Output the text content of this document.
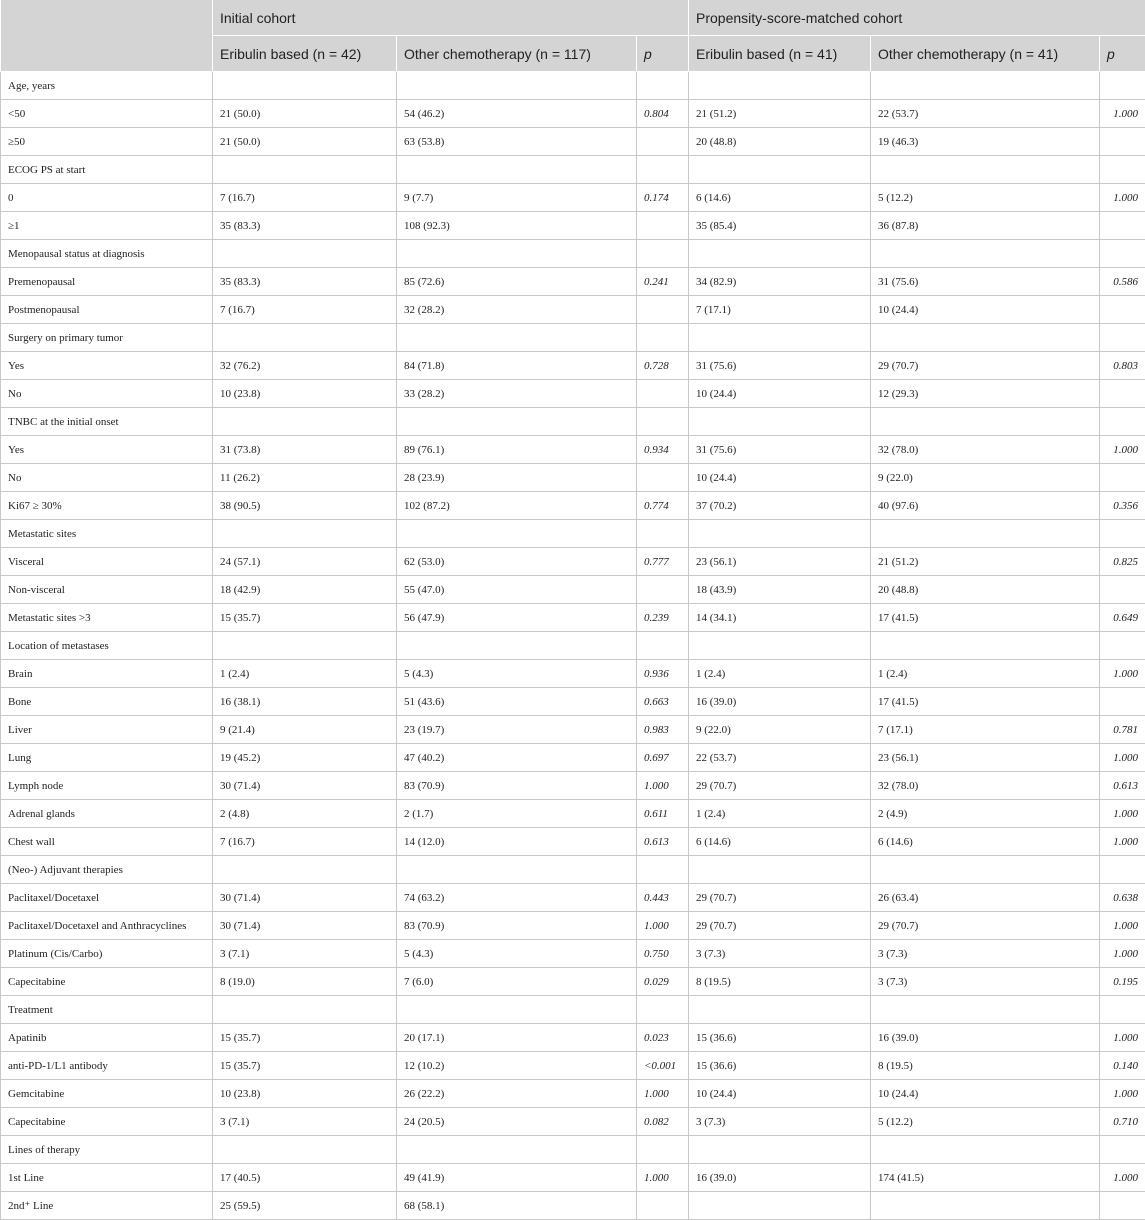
	Initial cohort			Propensity-score-matched cohort		
	Eribulin based (n = 42)	Other chemotherapy (n = 117)	p	Eribulin based (n = 41)	Other chemotherapy (n = 41)	p
Age, years						
<50	21 (50.0)	54 (46.2)	0.804	21 (51.2)	22 (53.7)	1.000
≥50	21 (50.0)	63 (53.8)		20 (48.8)	19 (46.3)	
ECOG PS at start						
0	7 (16.7)	9 (7.7)	0.174	6 (14.6)	5 (12.2)	1.000
≥1	35 (83.3)	108 (92.3)		35 (85.4)	36 (87.8)	
Menopausal status at diagnosis						
Premenopausal	35 (83.3)	85 (72.6)	0.241	34 (82.9)	31 (75.6)	0.586
Postmenopausal	7 (16.7)	32 (28.2)		7 (17.1)	10 (24.4)	
Surgery on primary tumor						
Yes	32 (76.2)	84 (71.8)	0.728	31 (75.6)	29 (70.7)	0.803
No	10 (23.8)	33 (28.2)		10 (24.4)	12 (29.3)	
TNBC at the initial onset						
Yes	31 (73.8)	89 (76.1)	0.934	31 (75.6)	32 (78.0)	1.000
No	11 (26.2)	28 (23.9)		10 (24.4)	9 (22.0)	
Ki67 ≥ 30%	38 (90.5)	102 (87.2)	0.774	37 (70.2)	40 (97.6)	0.356
Metastatic sites						
Visceral	24 (57.1)	62 (53.0)	0.777	23 (56.1)	21 (51.2)	0.825
Non-visceral	18 (42.9)	55 (47.0)		18 (43.9)	20 (48.8)	
Metastatic sites >3	15 (35.7)	56 (47.9)	0.239	14 (34.1)	17 (41.5)	0.649
Location of metastases						
Brain	1 (2.4)	5 (4.3)	0.936	1 (2.4)	1 (2.4)	1.000
Bone	16 (38.1)	51 (43.6)	0.663	16 (39.0)	17 (41.5)	
Liver	9 (21.4)	23 (19.7)	0.983	9 (22.0)	7 (17.1)	0.781
Lung	19 (45.2)	47 (40.2)	0.697	22 (53.7)	23 (56.1)	1.000
Lymph node	30 (71.4)	83 (70.9)	1.000	29 (70.7)	32 (78.0)	0.613
Adrenal glands	2 (4.8)	2 (1.7)	0.611	1 (2.4)	2 (4.9)	1.000
Chest wall	7 (16.7)	14 (12.0)	0.613	6 (14.6)	6 (14.6)	1.000
(Neo-) Adjuvant therapies						
Paclitaxel/Docetaxel	30 (71.4)	74 (63.2)	0.443	29 (70.7)	26 (63.4)	0.638
Paclitaxel/Docetaxel and Anthracyclines	30 (71.4)	83 (70.9)	1.000	29 (70.7)	29 (70.7)	1.000
Platinum (Cis/Carbo)	3 (7.1)	5 (4.3)	0.750	3 (7.3)	3 (7.3)	1.000
Capecitabine	8 (19.0)	7 (6.0)	0.029	8 (19.5)	3 (7.3)	0.195
Treatment						
Apatinib	15 (35.7)	20 (17.1)	0.023	15 (36.6)	16 (39.0)	1.000
anti-PD-1/L1 antibody	15 (35.7)	12 (10.2)	<0.001	15 (36.6)	8 (19.5)	0.140
Gemcitabine	10 (23.8)	26 (22.2)	1.000	10 (24.4)	10 (24.4)	1.000
Capecitabine	3 (7.1)	24 (20.5)	0.082	3 (7.3)	5 (12.2)	0.710
Lines of therapy						
1st Line	17 (40.5)	49 (41.9)	1.000	16 (39.0)	174 (41.5)	1.000
2nd⁺ Line	25 (59.5)	68 (58.1)				
